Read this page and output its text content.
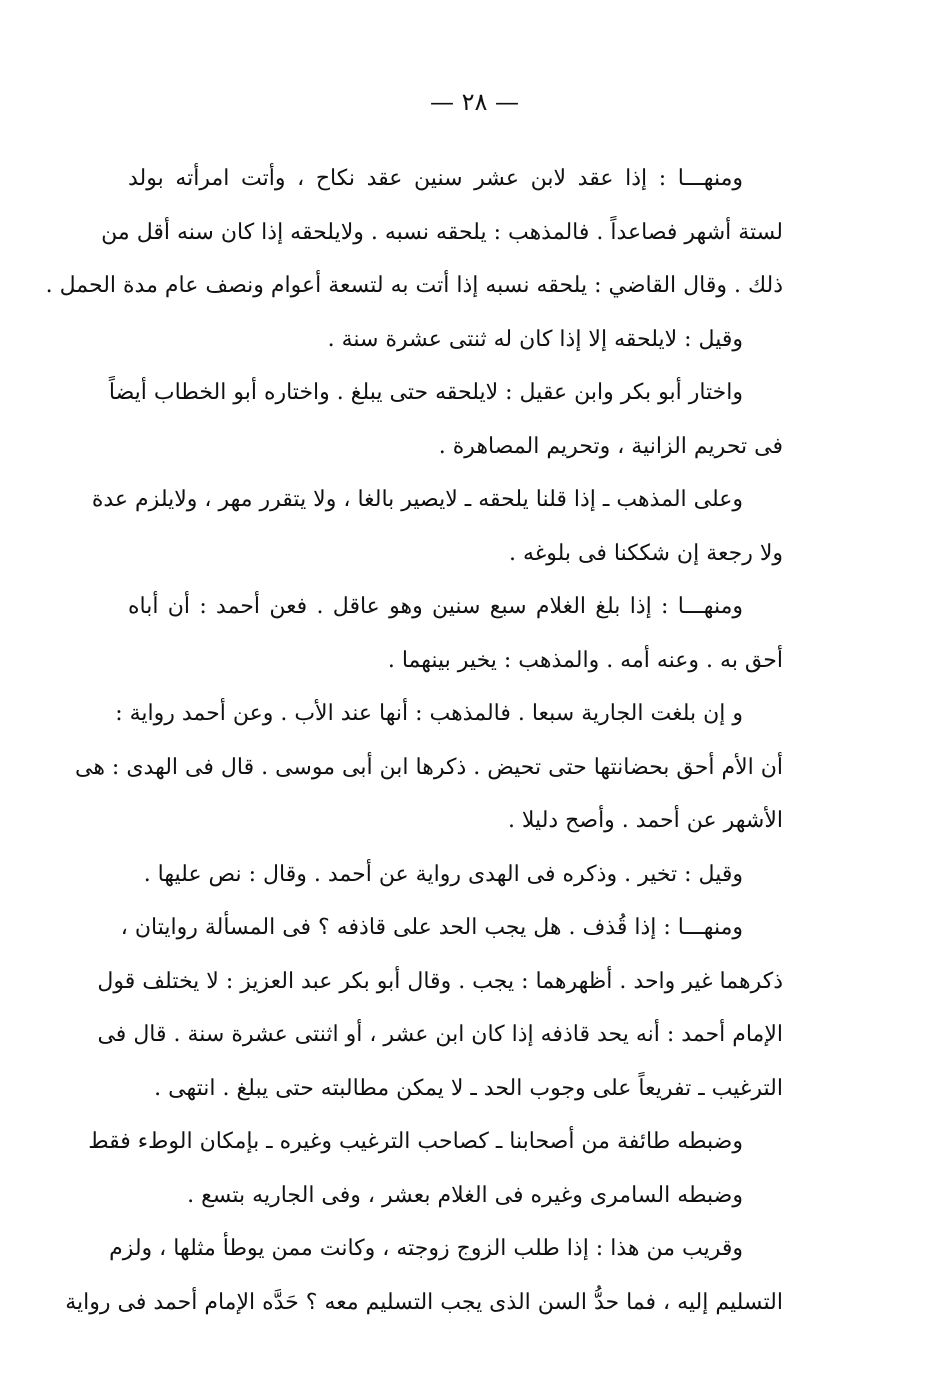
— ٢٨ —
ومنهـــا : إذا عقد لابن عشر سنين عقد نكاح ، وأتت امرأته بولد
لستة أشهر فصاعداً . فالمذهب : يلحقه نسبه . ولايلحقه إذا كان سنه أقل من
ذلك . وقال القاضي : يلحقه نسبه إذا أتت به لتسعة أعوام ونصف عام مدة الحمل .
وقيل : لايلحقه إلا إذا كان له ثنتى عشرة سنة .
واختار أبو بكر وابن عقيل : لايلحقه حتى يبلغ . واختاره أبو الخطاب أيضاً
فى تحريم الزانية ، وتحريم المصاهرة .
وعلى المذهب ـ إذا قلنا يلحقه ـ لايصير بالغا ، ولا يتقرر مهر ، ولايلزم عدة
ولا رجعة إن شككنا فى بلوغه .
ومنهـــا : إذا بلغ الغلام سبع سنين وهو عاقل . فعن أحمد : أن أباه
أحق به . وعنه أمه . والمذهب : يخير بينهما .
و إن بلغت الجارية سبعا . فالمذهب : أنها عند الأب . وعن أحمد رواية :
أن الأم أحق بحضانتها حتى تحيض . ذكرها ابن أبى موسى . قال فى الهدى : هى
الأشهر عن أحمد . وأصح دليلا .
وقيل : تخير . وذكره فى الهدى رواية عن أحمد . وقال : نص عليها .
ومنهـــا : إذا قُذف . هل يجب الحد على قاذفه ؟ فى المسألة روايتان ،
ذكرهما غير واحد . أظهرهما : يجب . وقال أبو بكر عبد العزيز : لا يختلف قول
الإمام أحمد : أنه يحد قاذفه إذا كان ابن عشر ، أو اثنتى عشرة سنة . قال فى
الترغيب ـ تفريعاً على وجوب الحد ـ لا يمكن مطالبته حتى يبلغ . انتهى .
وضبطه طائفة من أصحابنا ـ كصاحب الترغيب وغيره ـ بإمكان الوطء فقط
وضبطه السامرى وغيره فى الغلام بعشر ، وفى الجاريه بتسع .
وقريب من هذا : إذا طلب الزوج زوجته ، وكانت ممن يوطأ مثلها ، ولزم
التسليم إليه ، فما حدُّ السن الذى يجب التسليم معه ؟ حَدَّه الإمام أحمد فى رواية
